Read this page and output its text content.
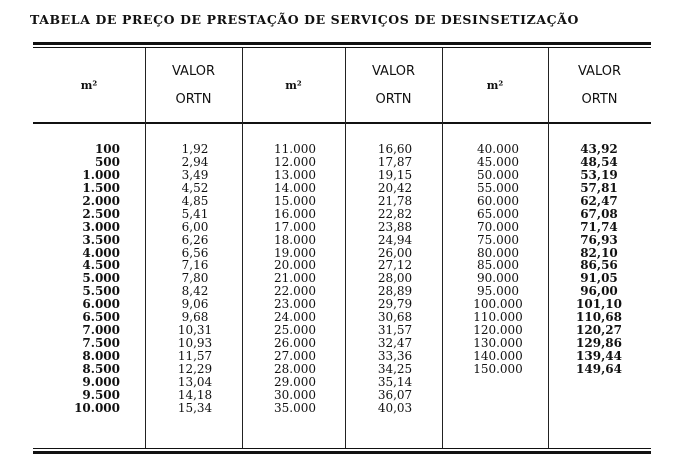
TABELA DE PREÇO DE PRESTAÇÃO DE SERVIÇOS DE DESINSETIZAÇÃO
m²
VALOR
ORTN
m²
VALOR
ORTN
m²
VALOR
ORTN
100
500
1.000
1.500
2.000
2.500
3.000
3.500
4.000
4.500
5.000
5.500
6.000
6.500
7.000
7.500
8.000
8.500
9.000
9.500
10.000
1,92
2,94
3,49
4,52
4,85
5,41
6,00
6,26
6,56
7,16
7,80
8,42
9,06
9,68
10,31
10,93
11,57
12,29
13,04
14,18
15,34
11.000
12.000
13.000
14.000
15.000
16.000
17.000
18.000
19.000
20.000
21.000
22.000
23.000
24.000
25.000
26.000
27.000
28.000
29.000
30.000
35.000
16,60
17,87
19,15
20,42
21,78
22,82
23,88
24,94
26,00
27,12
28,00
28,89
29,79
30,68
31,57
32,47
33,36
34,25
35,14
36,07
40,03
40.000
45.000
50.000
55.000
60.000
65.000
70.000
75.000
80.000
85.000
90.000
95.000
100.000
110.000
120.000
130.000
140.000
150.000
43,92
48,54
53,19
57,81
62,47
67,08
71,74
76,93
82,10
86,56
91,05
96,00
101,10
110,68
120,27
129,86
139,44
149,64
